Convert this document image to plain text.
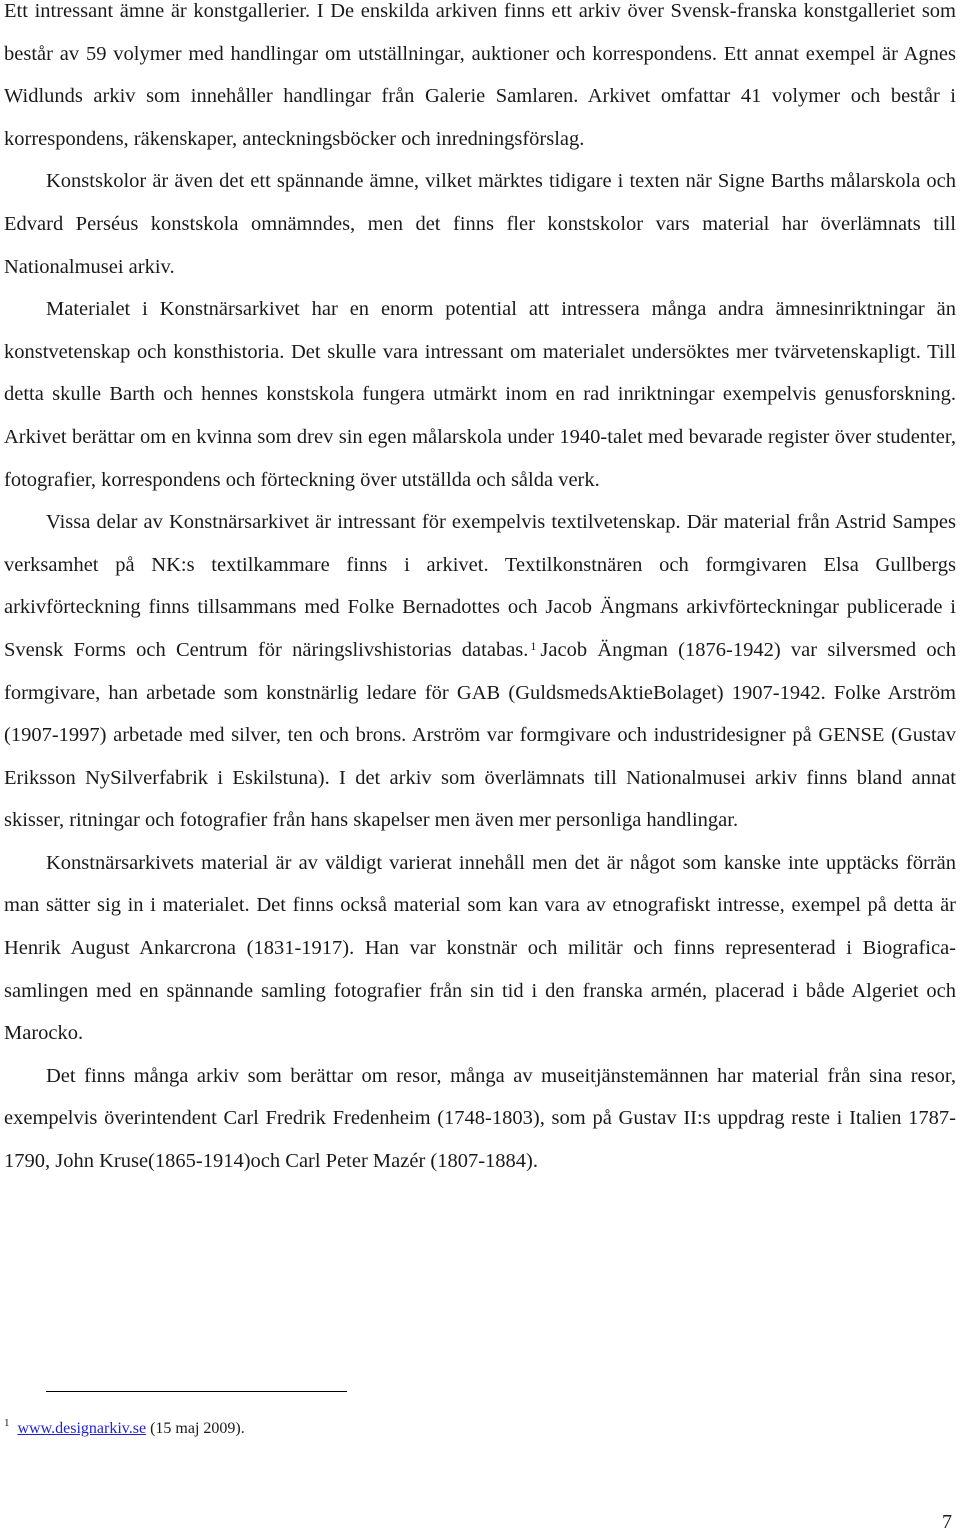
Ett intressant ämne är konstgallerier. I De enskilda arkiven finns ett arkiv över Svensk-franska konstgalleriet som består av 59 volymer med handlingar om utställningar, auktioner och korrespondens. Ett annat exempel är Agnes Widlunds arkiv som innehåller handlingar från Galerie Samlaren. Arkivet omfattar 41 volymer och består i korrespondens, räkenskaper, anteckningsböcker och inredningsförslag.

Konstskolor är även det ett spännande ämne, vilket märktes tidigare i texten när Signe Barths målarskola och Edvard Perséus konstskola omnämndes, men det finns fler konstskolor vars material har överlämnats till Nationalmusei arkiv.

Materialet i Konstnärsarkivet har en enorm potential att intressera många andra ämnesinriktningar än konstvetenskap och konsthistoria. Det skulle vara intressant om materialet undersöktes mer tvärvetenskapligt. Till detta skulle Barth och hennes konstskola fungera utmärkt inom en rad inriktningar exempelvis genusforskning. Arkivet berättar om en kvinna som drev sin egen målarskola under 1940-talet med bevarade register över studenter, fotografier, korrespondens och förteckning över utställda och sålda verk.

Vissa delar av Konstnärsarkivet är intressant för exempelvis textilvetenskap. Där material från Astrid Sampes verksamhet på NK:s textilkammare finns i arkivet. Textilkonstnären och formgivaren Elsa Gullbergs arkivförteckning finns tillsammans med Folke Bernadottes och Jacob Ängmans arkivförteckningar publicerade i Svensk Forms och Centrum för näringslivshistorias databas. $^1$ Jacob Ängman (1876-1942) var silversmed och formgivare, han arbetade som konstnärlig ledare för GAB (GuldsmedsAktieBolaget) 1907-1942. Folke Arström (1907-1997) arbetade med silver, ten och brons. Arström var formgivare och industridesigner på GENSE (Gustav Eriksson NySilverfabrik i Eskilstuna). I det arkiv som överlämnats till Nationalmusei arkiv finns bland annat skisser, ritningar och fotografier från hans skapelser men även mer personliga handlingar.

Konstnärsarkivets material är av väldigt varierat innehåll men det är något som kanske inte upptäcks förrän man sätter sig in i materialet. Det finns också material som kan vara av etnografiskt intresse, exempel på detta är Henrik August Ankarcrona (1831-1917). Han var konstnär och militär och finns representerad i Biografica-samlingen med en spännande samling fotografier från sin tid i den franska armén, placerad i både Algeriet och Marocko.

Det finns många arkiv som berättar om resor, många av museitjänstemännen har material från sina resor, exempelvis överintendent Carl Fredrik Fredenheim (1748-1803), som på Gustav II:s uppdrag reste i Italien 1787-1790, John Kruse(1865-1914)och Carl Peter Mazér (1807-1884).

$^1$ www.designarkiv.se (15 maj 2009).
7
